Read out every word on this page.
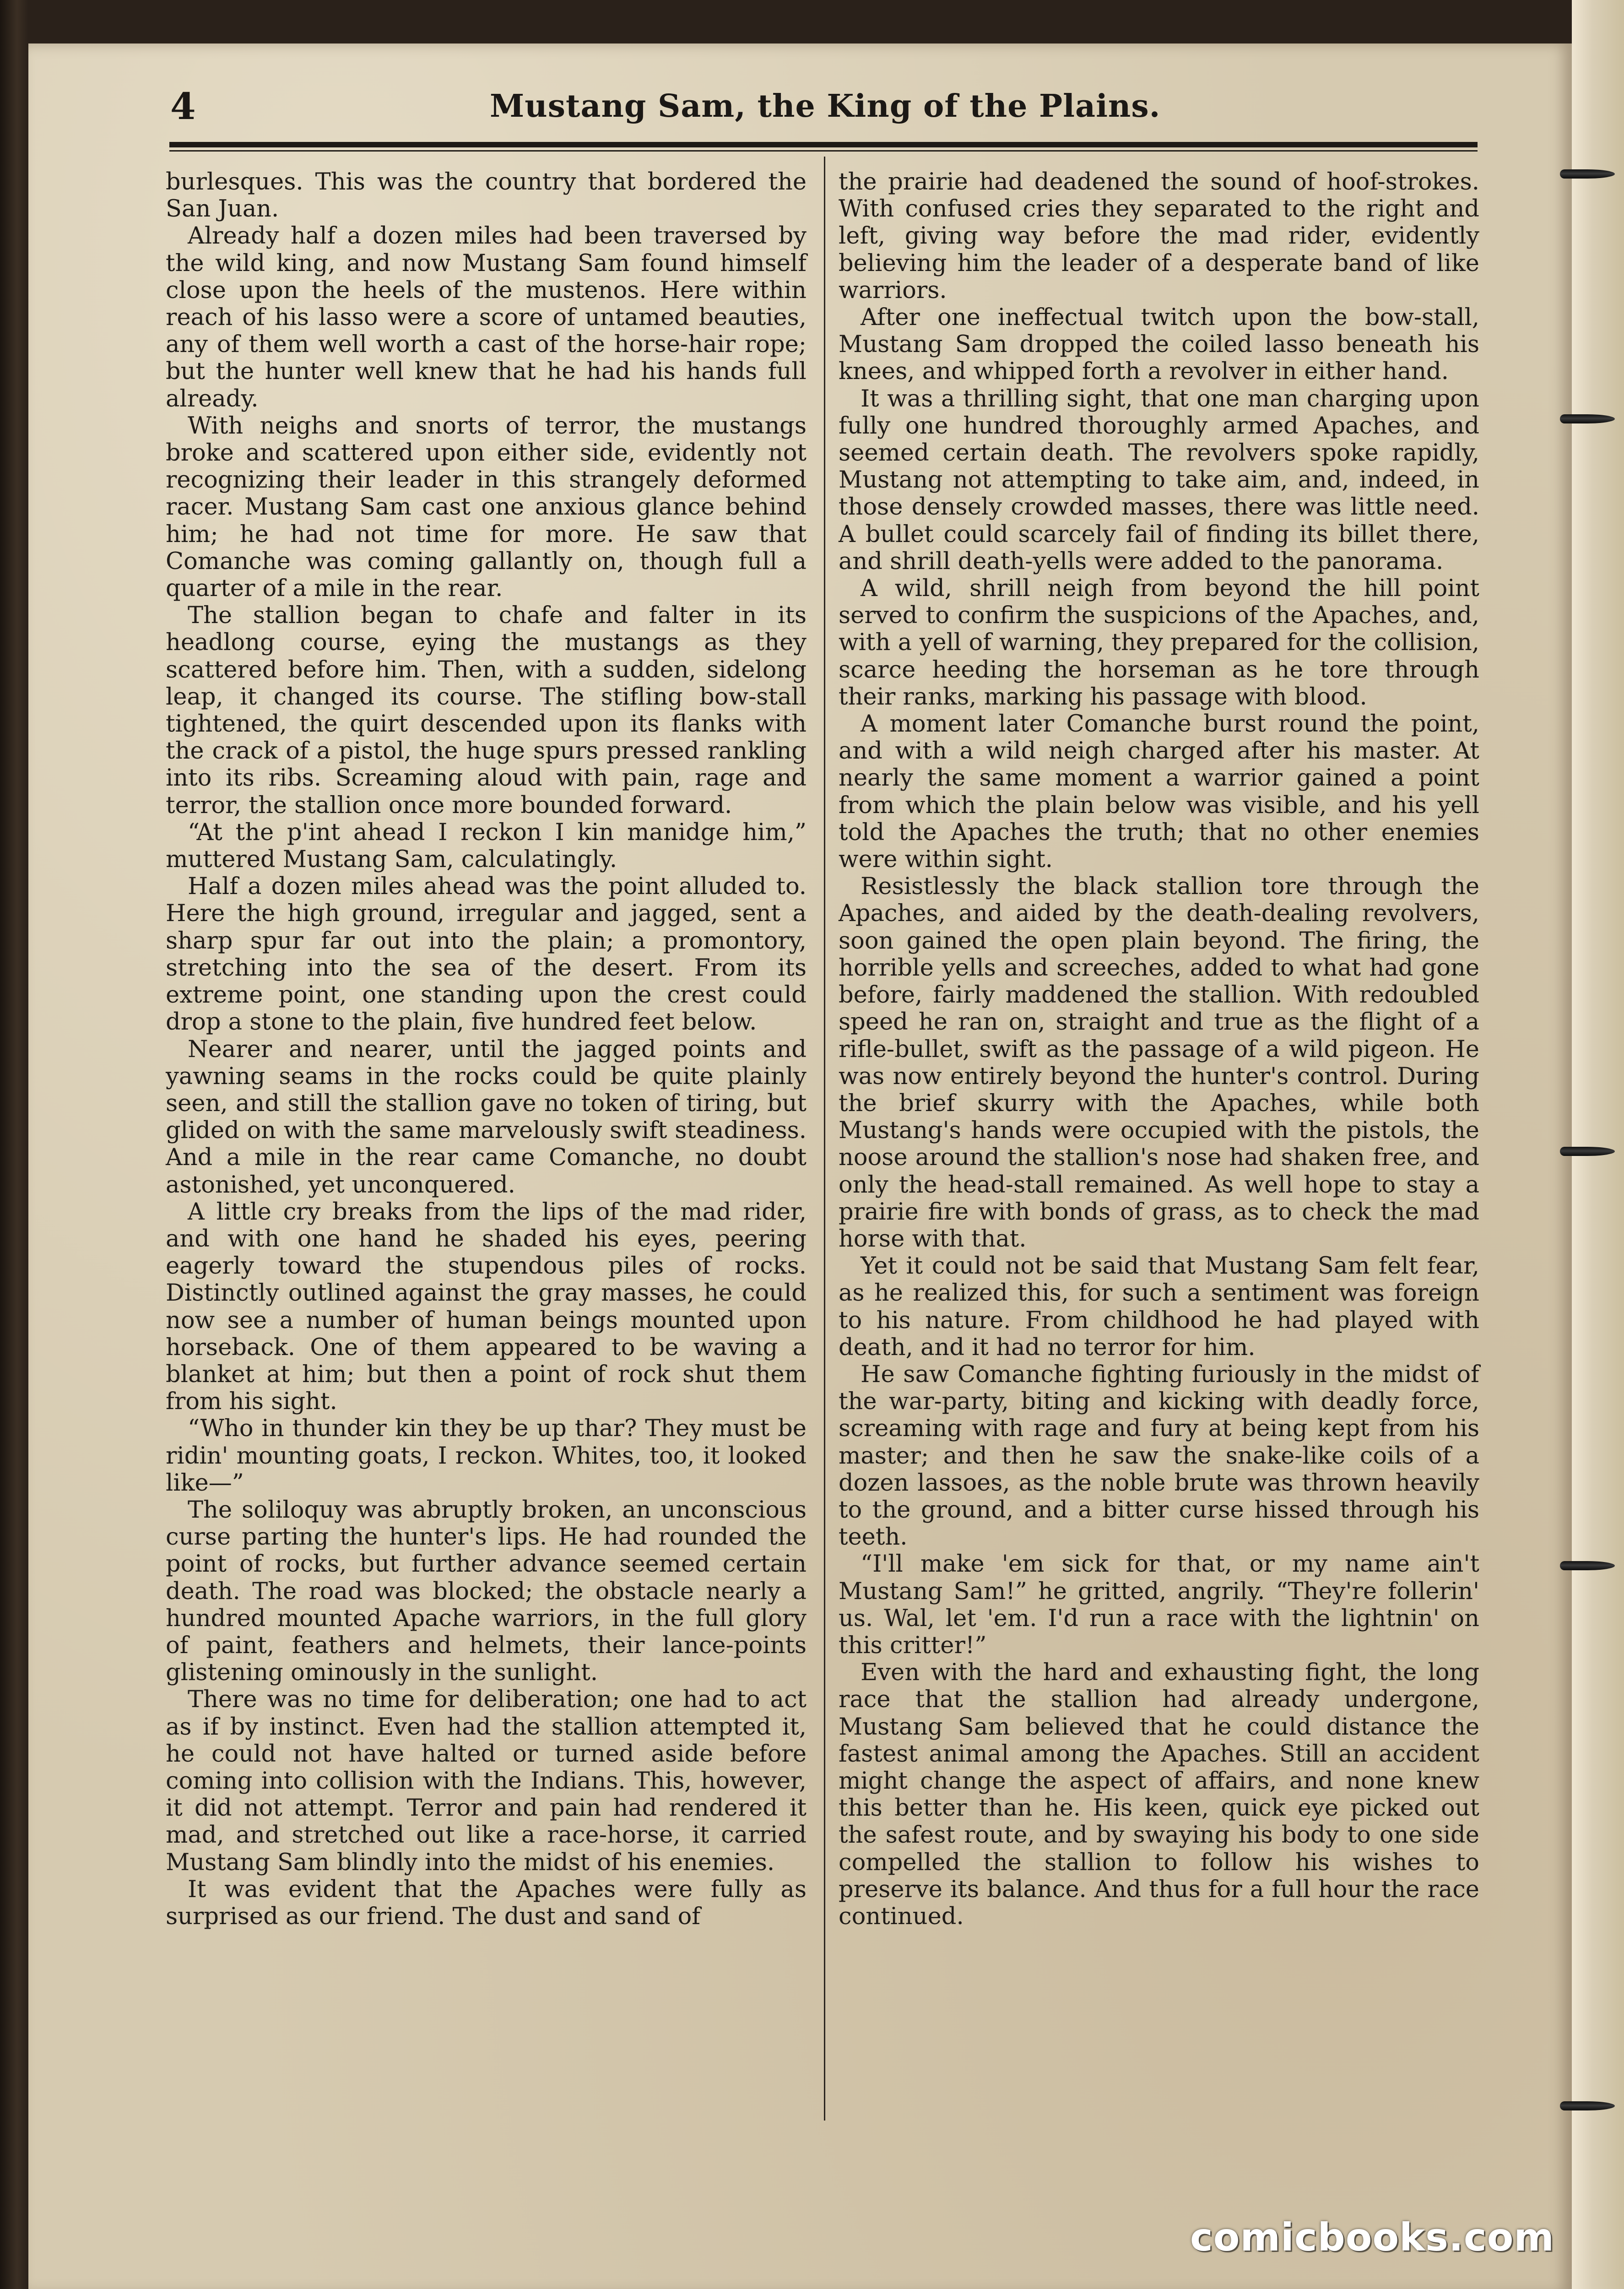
4	Mustang Sam, the King of the Plains.

burlesques. This was the country that bordered the San Juan.

Already half a dozen miles had been traversed by the wild king, and now Mustang Sam found himself close upon the heels of the mustenos. Here within reach of his lasso were a score of untamed beauties, any of them well worth a cast of the horse-hair rope; but the hunter well knew that he had his hands full already.

With neighs and snorts of terror, the mustangs broke and scattered upon either side, evidently not recognizing their leader in this strangely deformed racer. Mustang Sam cast one anxious glance behind him; he had not time for more. He saw that Comanche was coming gallantly on, though full a quarter of a mile in the rear.

The stallion began to chafe and falter in its headlong course, eying the mustangs as they scattered before him. Then, with a sudden, sidelong leap, it changed its course. The stifling bow-stall tightened, the quirt descended upon its flanks with the crack of a pistol, the huge spurs pressed rankling into its ribs. Screaming aloud with pain, rage and terror, the stallion once more bounded forward.

“At the p'int ahead I reckon I kin manidge him,” muttered Mustang Sam, calculatingly.

Half a dozen miles ahead was the point alluded to. Here the high ground, irregular and jagged, sent a sharp spur far out into the plain; a promontory, stretching into the sea of the desert. From its extreme point, one standing upon the crest could drop a stone to the plain, five hundred feet below.

Nearer and nearer, until the jagged points and yawning seams in the rocks could be quite plainly seen, and still the stallion gave no token of tiring, but glided on with the same marvelously swift steadiness. And a mile in the rear came Comanche, no doubt astonished, yet unconquered.

A little cry breaks from the lips of the mad rider, and with one hand he shaded his eyes, peering eagerly toward the stupendous piles of rocks. Distinctly outlined against the gray masses, he could now see a number of human beings mounted upon horseback. One of them appeared to be waving a blanket at him; but then a point of rock shut them from his sight.

“Who in thunder kin they be up thar? They must be ridin' mounting goats, I reckon. Whites, too, it looked like—”

The soliloquy was abruptly broken, an unconscious curse parting the hunter's lips. He had rounded the point of rocks, but further advance seemed certain death. The road was blocked; the obstacle nearly a hundred mounted Apache warriors, in the full glory of paint, feathers and helmets, their lance-points glistening ominously in the sunlight.

There was no time for deliberation; one had to act as if by instinct. Even had the stallion attempted it, he could not have halted or turned aside before coming into collision with the Indians. This, however, it did not attempt. Terror and pain had rendered it mad, and stretched out like a race-horse, it carried Mustang Sam blindly into the midst of his enemies.

It was evident that the Apaches were fully as surprised as our friend. The dust and sand of

the prairie had deadened the sound of hoof-strokes. With confused cries they separated to the right and left, giving way before the mad rider, evidently believing him the leader of a desperate band of like warriors.

After one ineffectual twitch upon the bow-stall, Mustang Sam dropped the coiled lasso beneath his knees, and whipped forth a revolver in either hand.

It was a thrilling sight, that one man charging upon fully one hundred thoroughly armed Apaches, and seemed certain death. The revolvers spoke rapidly, Mustang not attempting to take aim, and, indeed, in those densely crowded masses, there was little need. A bullet could scarcely fail of finding its billet there, and shrill death-yells were added to the panorama.

A wild, shrill neigh from beyond the hill point served to confirm the suspicions of the Apaches, and, with a yell of warning, they prepared for the collision, scarce heeding the horseman as he tore through their ranks, marking his passage with blood.

A moment later Comanche burst round the point, and with a wild neigh charged after his master. At nearly the same moment a warrior gained a point from which the plain below was visible, and his yell told the Apaches the truth; that no other enemies were within sight.

Resistlessly the black stallion tore through the Apaches, and aided by the death-dealing revolvers, soon gained the open plain beyond. The firing, the horrible yells and screeches, added to what had gone before, fairly maddened the stallion. With redoubled speed he ran on, straight and true as the flight of a rifle-bullet, swift as the passage of a wild pigeon. He was now entirely beyond the hunter's control. During the brief skurry with the Apaches, while both Mustang's hands were occupied with the pistols, the noose around the stallion's nose had shaken free, and only the head-stall remained. As well hope to stay a prairie fire with bonds of grass, as to check the mad horse with that.

Yet it could not be said that Mustang Sam felt fear, as he realized this, for such a sentiment was foreign to his nature. From childhood he had played with death, and it had no terror for him.

He saw Comanche fighting furiously in the midst of the war-party, biting and kicking with deadly force, screaming with rage and fury at being kept from his master; and then he saw the snake-like coils of a dozen lassoes, as the noble brute was thrown heavily to the ground, and a bitter curse hissed through his teeth.

“I'll make 'em sick for that, or my name ain't Mustang Sam!” he gritted, angrily. “They're follerin' us. Wal, let 'em. I'd run a race with the lightnin' on this critter!”

Even with the hard and exhausting fight, the long race that the stallion had already undergone, Mustang Sam believed that he could distance the fastest animal among the Apaches. Still an accident might change the aspect of affairs, and none knew this better than he. His keen, quick eye picked out the safest route, and by swaying his body to one side compelled the stallion to follow his wishes to preserve its balance. And thus for a full hour the race continued.

comicbooks.com
